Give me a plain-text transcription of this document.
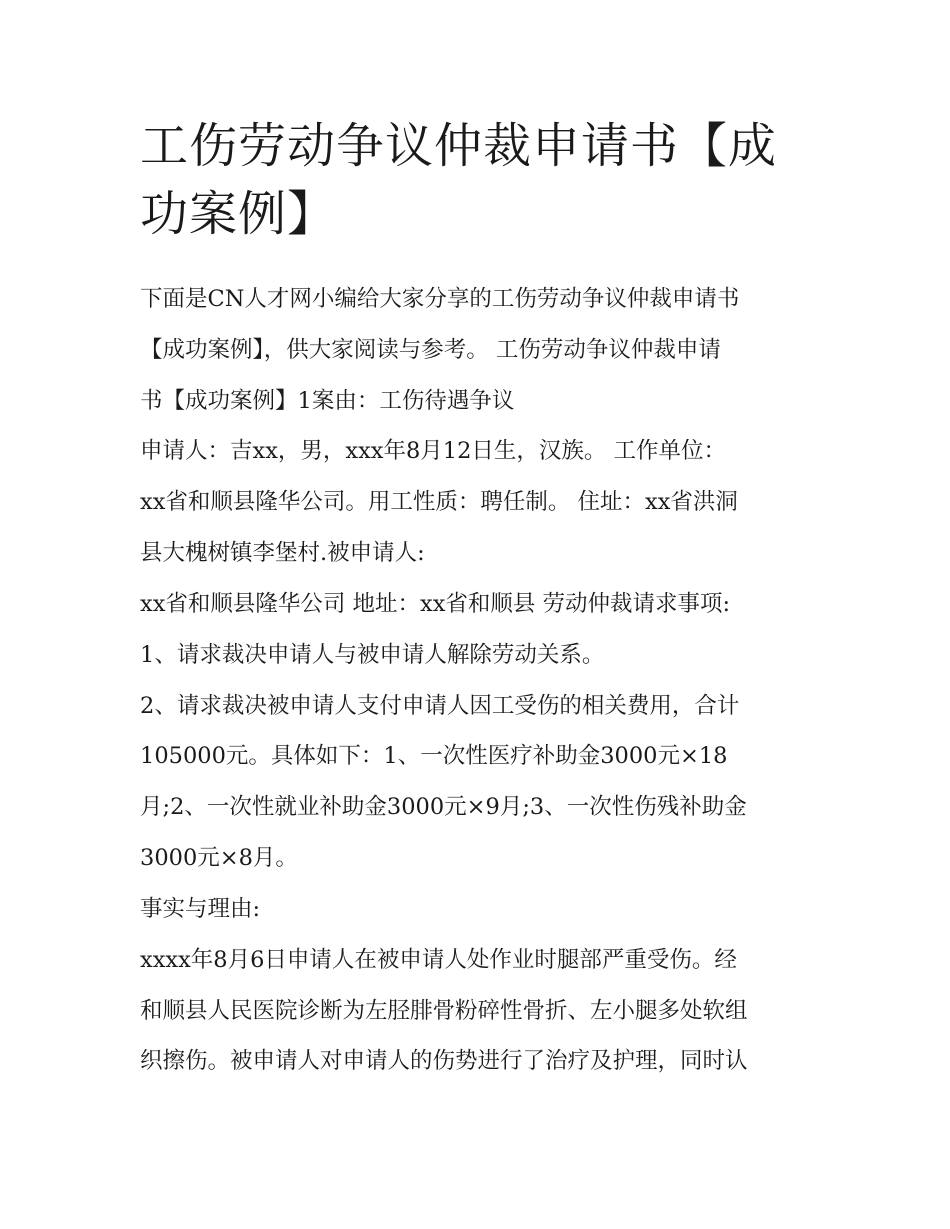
工伤劳动争议仲裁申请书【成功案例】

下面是CN人才网小编给大家分享的工伤劳动争议仲裁申请书

【成功案例】，供大家阅读与参考。 工伤劳动争议仲裁申请

书【成功案例】1案由：工伤待遇争议

申请人：吉xx，男，xxx年8月12日生，汉族。 工作单位：

xx省和顺县隆华公司。用工性质：聘任制。 住址：xx省洪洞

县大槐树镇李堡村.被申请人:

xx省和顺县隆华公司 地址：xx省和顺县 劳动仲裁请求事项:

1、请求裁决申请人与被申请人解除劳动关系。

2、请求裁决被申请人支付申请人因工受伤的相关费用，合计

105000元。具体如下：1、一次性医疗补助金3000元×18

月;2、一次性就业补助金3000元×9月;3、一次性伤残补助金

3000元×8月。

事实与理由:

xxxx年8月6日申请人在被申请人处作业时腿部严重受伤。经

和顺县人民医院诊断为左胫腓骨粉碎性骨折、左小腿多处软组

织擦伤。被申请人对申请人的伤势进行了治疗及护理，同时认
